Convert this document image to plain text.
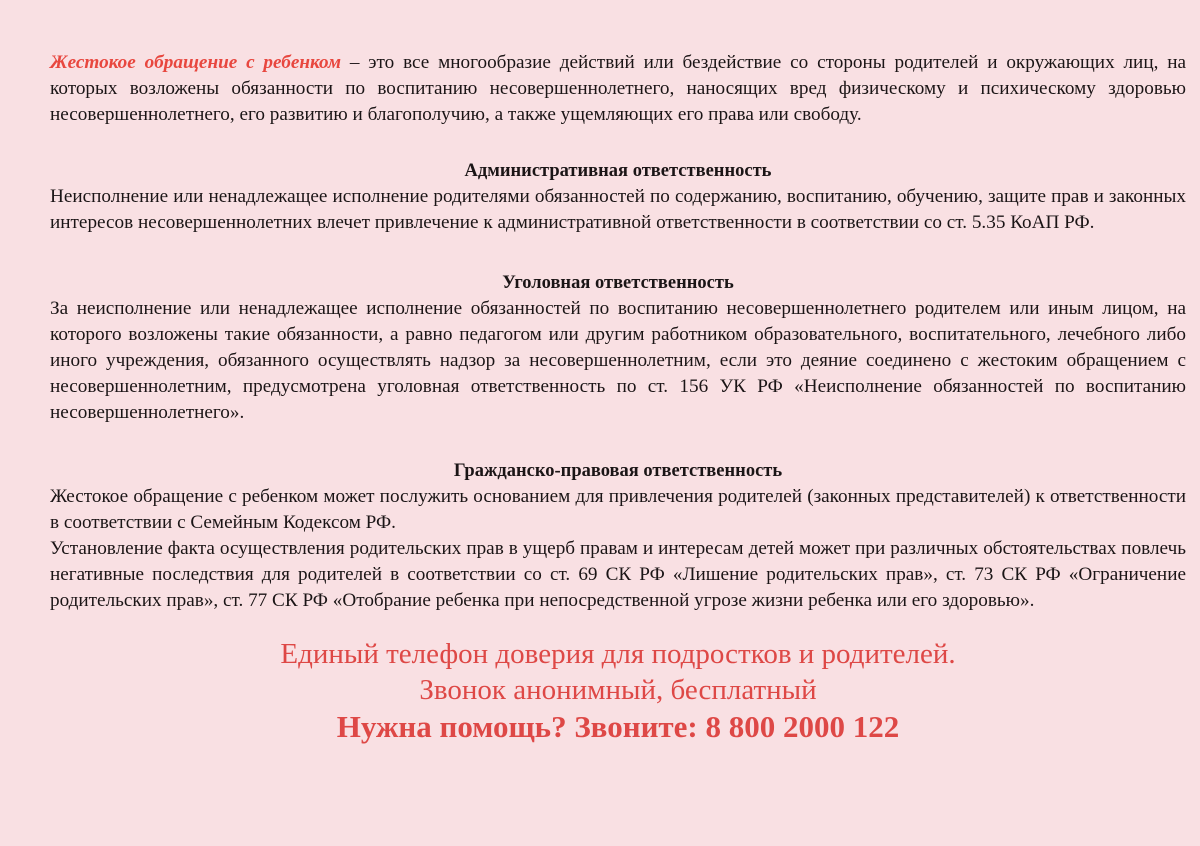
Жестокое обращение с ребенком – это все многообразие действий или бездействие со стороны родителей и окружающих лиц, на которых возложены обязанности по воспитанию несовершеннолетнего, наносящих вред физическому и психическому здоровью несовершеннолетнего, его развитию и благополучию, а также ущемляющих его права или свободу.

Административная ответственность

Неисполнение или ненадлежащее исполнение родителями обязанностей по содержанию, воспитанию, обучению, защите прав и законных интересов несовершеннолетних влечет привлечение к административной ответственности в соответствии со ст. 5.35 КоАП РФ.

Уголовная ответственность

За неисполнение или ненадлежащее исполнение обязанностей по воспитанию несовершеннолетнего родителем или иным лицом, на которого возложены такие обязанности, а равно педагогом или другим работником образовательного, воспитательного, лечебного либо иного учреждения, обязанного осуществлять надзор за несовершеннолетним, если это деяние соединено с жестоким обращением с несовершеннолетним, предусмотрена уголовная ответственность по ст. 156 УК РФ «Неисполнение обязанностей по воспитанию несовершеннолетнего».

Гражданско-правовая ответственность

Жестокое обращение с ребенком может послужить основанием для привлечения родителей (законных представителей) к ответственности в соответствии с Семейным Кодексом РФ.

Установление факта осуществления родительских прав в ущерб правам и интересам детей может при различных обстоятельствах повлечь негативные последствия для родителей в соответствии со ст. 69 СК РФ «Лишение родительских прав», ст. 73 СК РФ «Ограничение родительских прав», ст. 77 СК РФ «Отобрание ребенка при непосредственной угрозе жизни ребенка или его здоровью».

Единый телефон доверия для подростков и родителей.
Звонок анонимный, бесплатный
Нужна помощь? Звоните: 8 800 2000 122
